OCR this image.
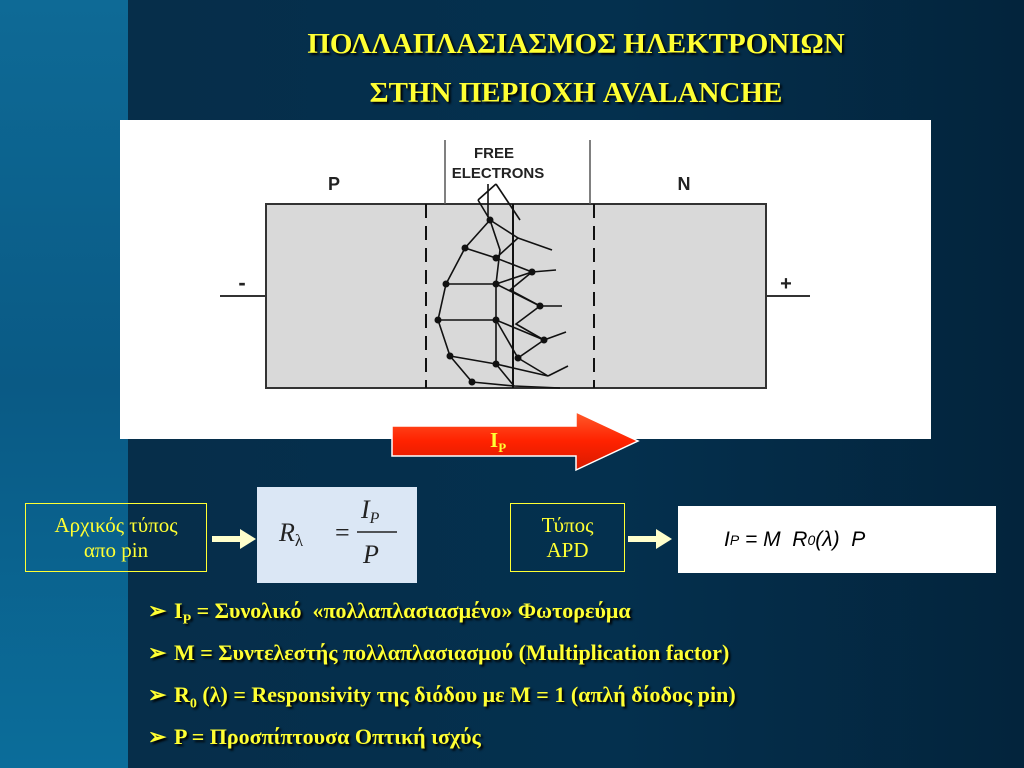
ΠΟΛΛΑΠΛΑΣΙΑΣΜΟΣ ΗΛΕΚΤΡΟΝΙΩΝ
ΣΤΗΝ ΠΕΡΙΟΧΗ AVALANCHE
FREE
ELECTRONS
P	N
-	+
$I_P$
Αρχικός τύπος
απο pin
Rλ =
IP
P
Τύπος
APD	I P = M  R 0 (λ)  P
➢ $I_P = \Sigma\upsilon\nu o\lambda\iota\kappa ό$  «πολλαπλασιασμένο» Φωτορεύμα
➢ M = Συντελεστής πολλαπλασιασμού (Multiplication factor)
➢ $R_0$ (λ) = Responsivity της διόδου με M = 1 (απλή δίοδος pin)
➢ P = Προσπίπτουσα Οπτική ισχύς
